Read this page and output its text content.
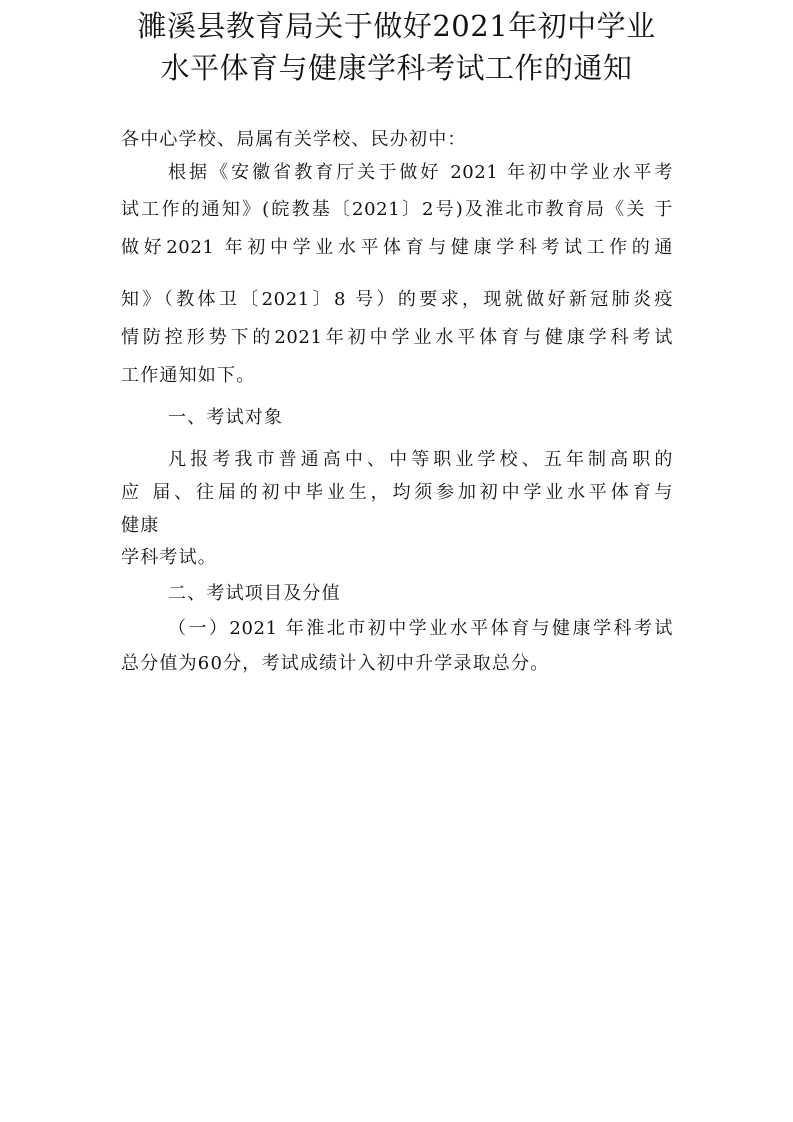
濉溪县教育局关于做好2021年初中学业
水平体育与健康学科考试工作的通知
各中心学校、局属有关学校、民办初中：
根据《安徽省教育厅关于做好 2021 年初中学业水平考
试工作的通知》(皖教基〔2021〕2号)及淮北市教育局《关 于
做好2021 年初中学业水平体育与健康学科考试工作的通
知》（教体卫〔2021〕8 号）的要求，现就做好新冠肺炎疫
情防控形势下的2021年初中学业水平体育与健康学科考试
工作通知如下。
一、考试对象
凡报考我市普通高中、中等职业学校、五年制高职的
应 届、往届的初中毕业生，均须参加初中学业水平体育与
健康
学科考试。
二、考试项目及分值
（一）2021 年淮北市初中学业水平体育与健康学科考试
总分值为60分，考试成绩计入初中升学录取总分。
